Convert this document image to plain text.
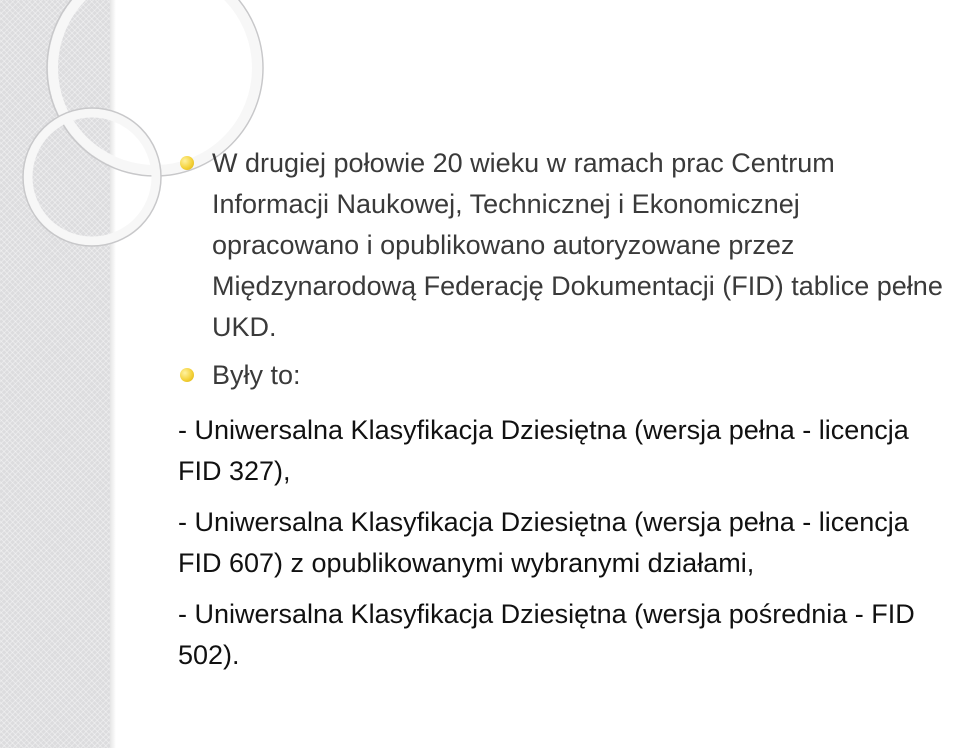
W drugiej połowie 20 wieku w ramach prac Centrum Informacji Naukowej, Technicznej i Ekonomicznej opracowano i opublikowano autoryzowane przez Międzynarodową Federację Dokumentacji (FID) tablice pełne UKD.
Były to:
- Uniwersalna Klasyfikacja Dziesiętna (wersja pełna - licencja FID 327),
- Uniwersalna Klasyfikacja Dziesiętna (wersja pełna - licencja FID 607) z opublikowanymi wybranymi działami,
- Uniwersalna Klasyfikacja Dziesiętna (wersja pośrednia - FID 502).
